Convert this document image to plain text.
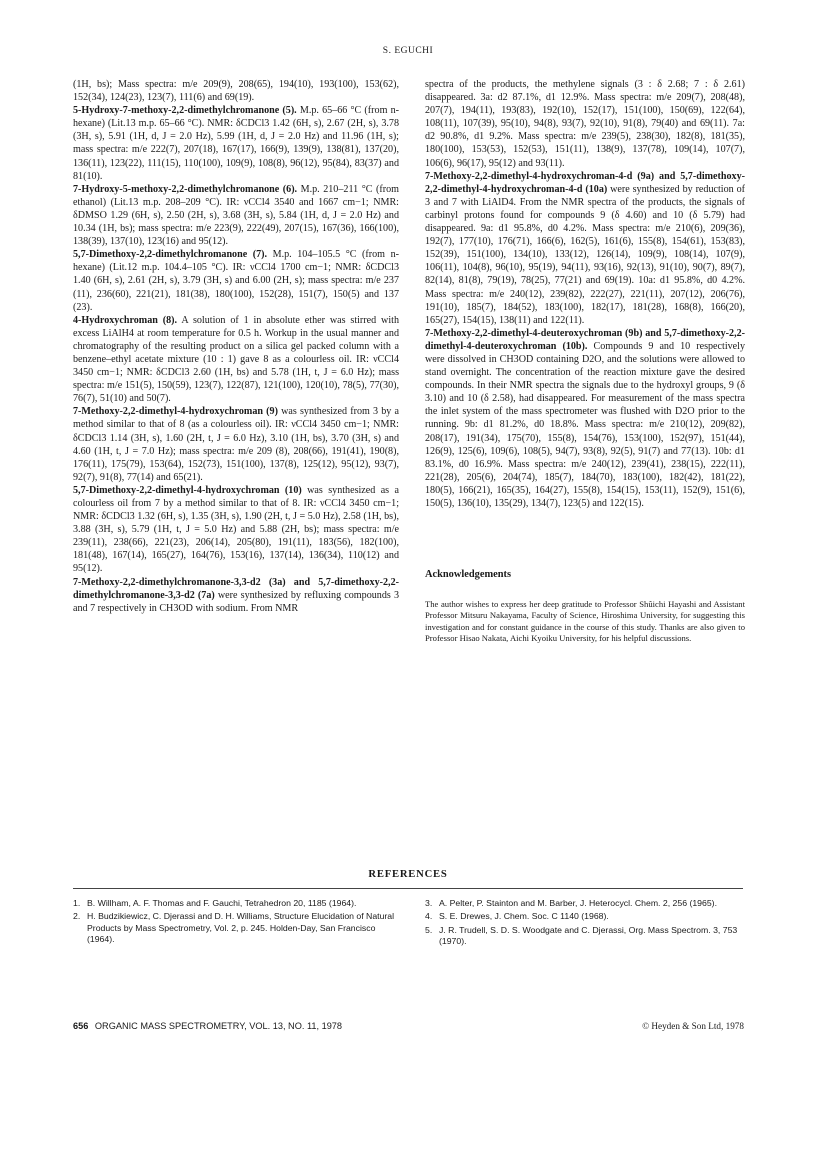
S. EGUCHI

(1H, bs); Mass spectra: m/e 209(9), 208(65), 194(10), 193(100), 153(62), 152(34), 124(23), 123(7), 111(6) and 69(19).

5-Hydroxy-7-methoxy-2,2-dimethylchromanone (5). M.p. 65–66 °C (from n-hexane) (Lit.13 m.p. 65–66 °C). NMR: δCDCl3 1.42 (6H, s), 2.67 (2H, s), 3.78 (3H, s), 5.91 (1H, d, J = 2.0 Hz), 5.99 (1H, d, J = 2.0 Hz) and 11.96 (1H, s); mass spectra: m/e 222(7), 207(18), 167(17), 166(9), 139(9), 138(81), 137(20), 136(11), 123(22), 111(15), 110(100), 109(9), 108(8), 96(12), 95(84), 83(37) and 81(10).

7-Hydroxy-5-methoxy-2,2-dimethylchromanone (6). M.p. 210–211 °C (from ethanol) (Lit.13 m.p. 208–209 °C). IR: νCCl4 3540 and 1667 cm−1; NMR: δDMSO 1.29 (6H, s), 2.50 (2H, s), 3.68 (3H, s), 5.84 (1H, d, J = 2.0 Hz) and 10.34 (1H, bs); mass spectra: m/e 223(9), 222(49), 207(15), 167(36), 166(100), 138(39), 137(10), 123(16) and 95(12).

5,7-Dimethoxy-2,2-dimethylchromanone (7). M.p. 104–105.5 °C (from n-hexane) (Lit.12 m.p. 104.4–105 °C). IR: νCCl4 1700 cm−1; NMR: δCDCl3 1.40 (6H, s), 2.61 (2H, s), 3.79 (3H, s) and 6.00 (2H, s); mass spectra: m/e 237 (11), 236(60), 221(21), 181(38), 180(100), 152(28), 151(7), 150(5) and 137 (23).

4-Hydroxychroman (8). A solution of 1 in absolute ether was stirred with excess LiAlH4 at room temperature for 0.5 h. Workup in the usual manner and chromatography of the resulting product on a silica gel packed column with a benzene–ethyl acetate mixture (10 : 1) gave 8 as a colourless oil. IR: νCCl4 3450 cm−1; NMR: δCDCl3 2.60 (1H, bs) and 5.78 (1H, t, J = 6.0 Hz); mass spectra: m/e 151(5), 150(59), 123(7), 122(87), 121(100), 120(10), 78(5), 77(30), 76(7), 51(10) and 50(7).

7-Methoxy-2,2-dimethyl-4-hydroxychroman (9) was synthesized from 3 by a method similar to that of 8 (as a colourless oil). IR: νCCl4 3450 cm−1; NMR: δCDCl3 1.14 (3H, s), 1.60 (2H, t, J = 6.0 Hz), 3.10 (1H, bs), 3.70 (3H, s) and 4.60 (1H, t, J = 7.0 Hz); mass spectra: m/e 209 (8), 208(66), 191(41), 190(8), 176(11), 175(79), 153(64), 152(73), 151(100), 137(8), 125(12), 95(12), 93(7), 92(7), 91(8), 77(14) and 65(21).

5,7-Dimethoxy-2,2-dimethyl-4-hydroxychroman (10) was synthesized as a colourless oil from 7 by a method similar to that of 8. IR: νCCl4 3450 cm−1; NMR: δCDCl3 1.32 (6H, s), 1.35 (3H, s), 1.90 (2H, t, J = 5.0 Hz), 2.58 (1H, bs), 3.88 (3H, s), 5.79 (1H, t, J = 5.0 Hz) and 5.88 (2H, bs); mass spectra: m/e 239(11), 238(66), 221(23), 206(14), 205(80), 191(11), 183(56), 182(100), 181(48), 167(14), 165(27), 164(76), 153(16), 137(14), 136(34), 110(12) and 95(12).

7-Methoxy-2,2-dimethylchromanone-3,3-d2 (3a) and 5,7-dimethoxy-2,2-dimethylchromanone-3,3-d2 (7a) were synthesized by refluxing compounds 3 and 7 respectively in CH3OD with sodium. From NMR

spectra of the products, the methylene signals (3 : δ 2.68; 7 : δ 2.61) disappeared. 3a: d2 87.1%, d1 12.9%. Mass spectra: m/e 209(7), 208(48), 207(7), 194(11), 193(83), 192(10), 152(17), 151(100), 150(69), 122(64), 108(11), 107(39), 95(10), 94(8), 93(7), 92(10), 91(8), 79(40) and 69(11). 7a: d2 90.8%, d1 9.2%. Mass spectra: m/e 239(5), 238(30), 182(8), 181(35), 180(100), 153(53), 152(53), 151(11), 138(9), 137(78), 109(14), 107(7), 106(6), 96(17), 95(12) and 93(11).

7-Methoxy-2,2-dimethyl-4-hydroxychroman-4-d (9a) and 5,7-dimethoxy-2,2-dimethyl-4-hydroxychroman-4-d (10a) were synthesized by reduction of 3 and 7 with LiAlD4. From the NMR spectra of the products, the signals of carbinyl protons found for compounds 9 (δ 4.60) and 10 (δ 5.79) had disappeared. 9a: d1 95.8%, d0 4.2%. Mass spectra: m/e 210(6), 209(36), 192(7), 177(10), 176(71), 166(6), 162(5), 161(6), 155(8), 154(61), 153(83), 152(39), 151(100), 134(10), 133(12), 126(14), 109(9), 108(14), 107(9), 106(11), 104(8), 96(10), 95(19), 94(11), 93(16), 92(13), 91(10), 90(7), 89(7), 82(14), 81(8), 79(19), 78(25), 77(21) and 69(19). 10a: d1 95.8%, d0 4.2%. Mass spectra: m/e 240(12), 239(82), 222(27), 221(11), 207(12), 206(76), 191(10), 185(7), 184(52), 183(100), 182(17), 181(28), 168(8), 166(20), 165(27), 154(15), 138(11) and 122(11).

7-Methoxy-2,2-dimethyl-4-deuteroxychroman (9b) and 5,7-dimethoxy-2,2-dimethyl-4-deuteroxychroman (10b). Compounds 9 and 10 respectively were dissolved in CH3OD containing D2O, and the solutions were allowed to stand overnight. The concentration of the reaction mixture gave the desired compounds. In their NMR spectra the signals due to the hydroxyl groups, 9 (δ 3.10) and 10 (δ 2.58), had disappeared. For measurement of the mass spectra the inlet system of the mass spectrometer was flushed with D2O prior to the running. 9b: d1 81.2%, d0 18.8%. Mass spectra: m/e 210(12), 209(82), 208(17), 191(34), 175(70), 155(8), 154(76), 153(100), 152(97), 151(44), 126(9), 125(6), 109(6), 108(5), 94(7), 93(8), 92(5), 91(7) and 77(13). 10b: d1 83.1%, d0 16.9%. Mass spectra: m/e 240(12), 239(41), 238(15), 222(11), 221(28), 205(6), 204(74), 185(7), 184(70), 183(100), 182(42), 181(22), 180(5), 166(21), 165(35), 164(27), 155(8), 154(15), 153(11), 152(9), 151(6), 150(5), 136(10), 135(29), 134(7), 123(5) and 122(15).

Acknowledgements

The author wishes to express her deep gratitude to Professor Shûichi Hayashi and Assistant Professor Mitsuru Nakayama, Faculty of Science, Hiroshima University, for suggesting this investigation and for constant guidance in the course of this study. Thanks are also given to Professor Hisao Nakata, Aichi Kyoiku University, for his helpful discussions.

REFERENCES
1. B. Willham, A. F. Thomas and F. Gauchi, Tetrahedron 20, 1185 (1964).
2. H. Budzikiewicz, C. Djerassi and D. H. Williams, Structure Elucidation of Natural Products by Mass Spectrometry, Vol. 2, p. 245. Holden-Day, San Francisco (1964).
3. A. Pelter, P. Stainton and M. Barber, J. Heterocycl. Chem. 2, 256 (1965).
4. S. E. Drewes, J. Chem. Soc. C 1140 (1968).
5. J. R. Trudell, S. D. S. Woodgate and C. Djerassi, Org. Mass Spectrom. 3, 753 (1970).
656 ORGANIC MASS SPECTROMETRY, VOL. 13, NO. 11, 1978	© Heyden & Son Ltd, 1978
